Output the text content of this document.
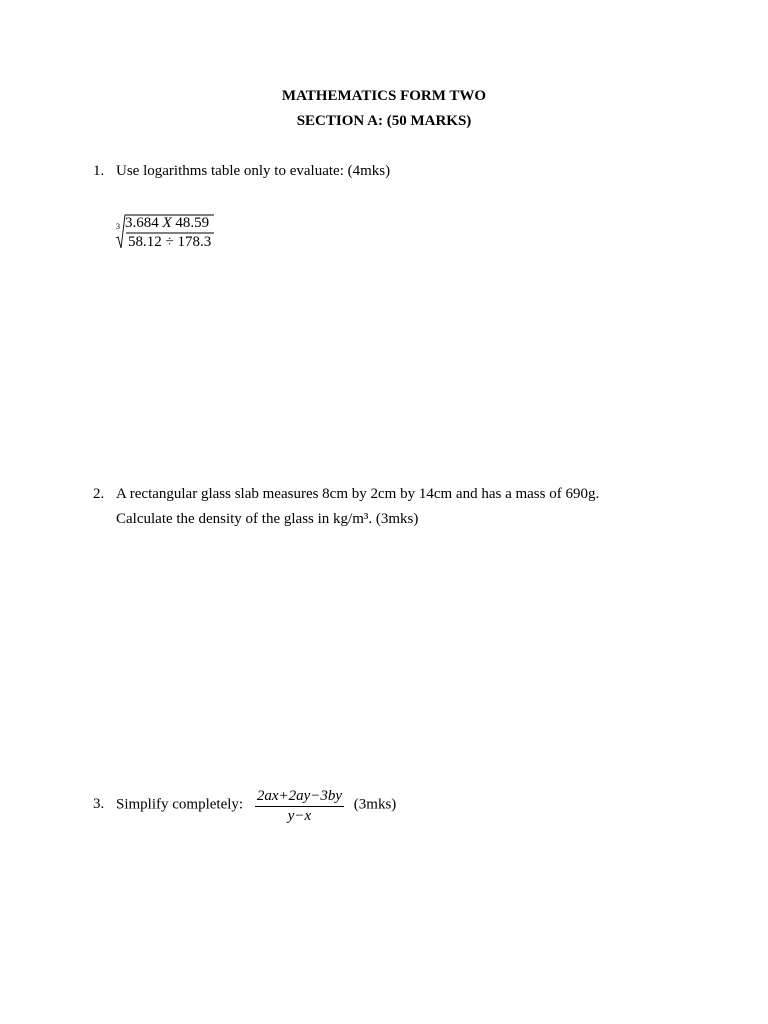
MATHEMATICS FORM TWO
SECTION A: (50 MARKS)
1. Use logarithms table only to evaluate: (4mks)
3 3.684 X 48.59
58.12 ÷ 178.3
2. A rectangular glass slab measures 8cm by 2cm by 14cm and has a mass of 690g.
Calculate the density of the glass in kg/m³. (3mks)
3. Simplify completely: $\frac{2ax+2ay-3by}{y-x} (3mks)$
